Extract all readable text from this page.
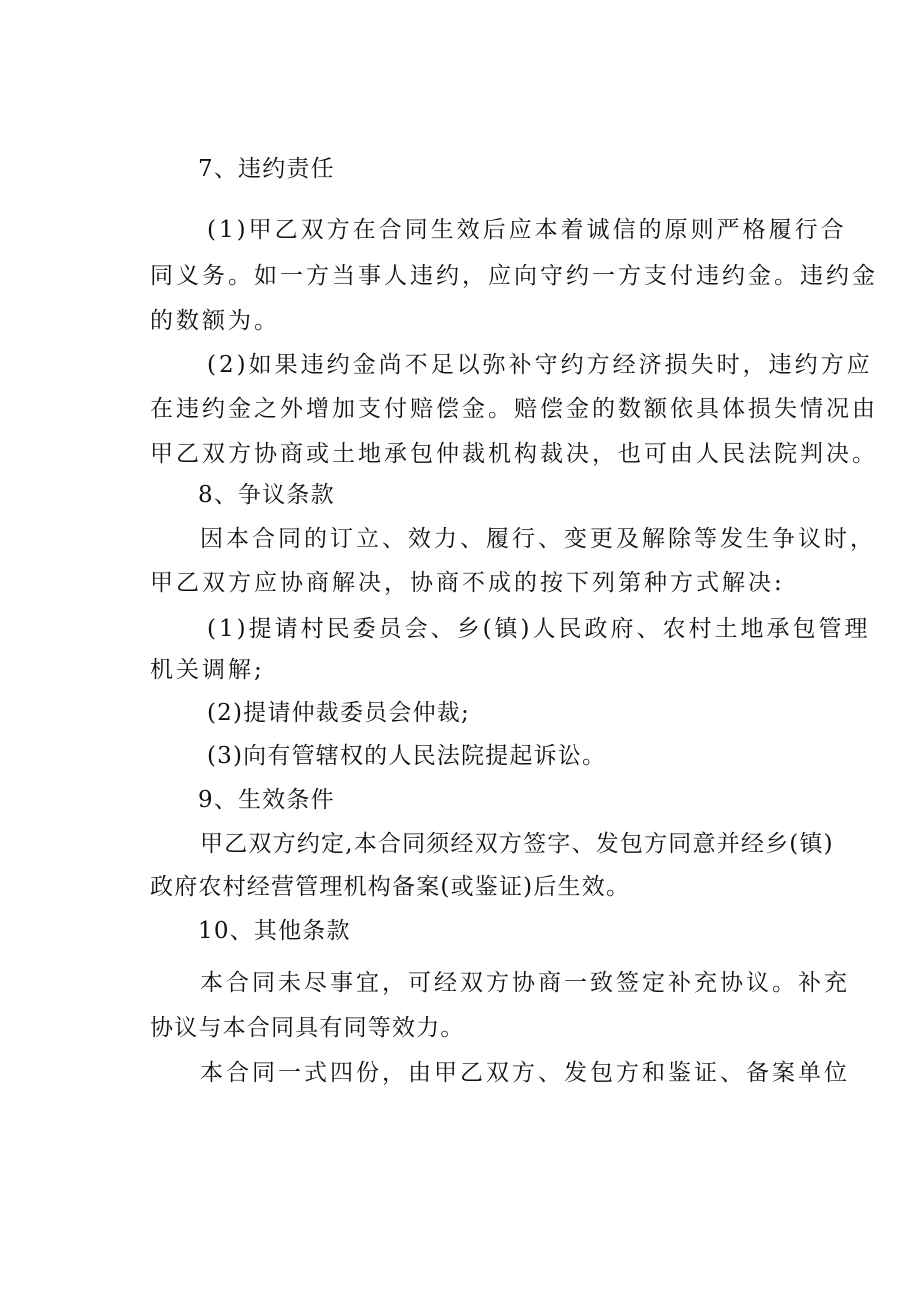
7、违约责任
(1)甲乙双方在合同生效后应本着诚信的原则严格履行合
同义务。如一方当事人违约，应向守约一方支付违约金。违约金
的数额为。
(2)如果违约金尚不足以弥补守约方经济损失时，违约方应
在违约金之外增加支付赔偿金。赔偿金的数额依具体损失情况由
甲乙双方协商或土地承包仲裁机构裁决，也可由人民法院判决。
8、争议条款
因本合同的订立、效力、履行、变更及解除等发生争议时，
甲乙双方应协商解决，协商不成的按下列第种方式解决:
(1)提请村民委员会、乡(镇)人民政府、农村土地承包管理
机关调解;
(2)提请仲裁委员会仲裁;
(3)向有管辖权的人民法院提起诉讼。
9、生效条件
甲乙双方约定,本合同须经双方签字、发包方同意并经乡(镇)
政府农村经营管理机构备案(或鉴证)后生效。
10、其他条款
本合同未尽事宜，可经双方协商一致签定补充协议。补充
协议与本合同具有同等效力。
本合同一式四份，由甲乙双方、发包方和鉴证、备案单位
